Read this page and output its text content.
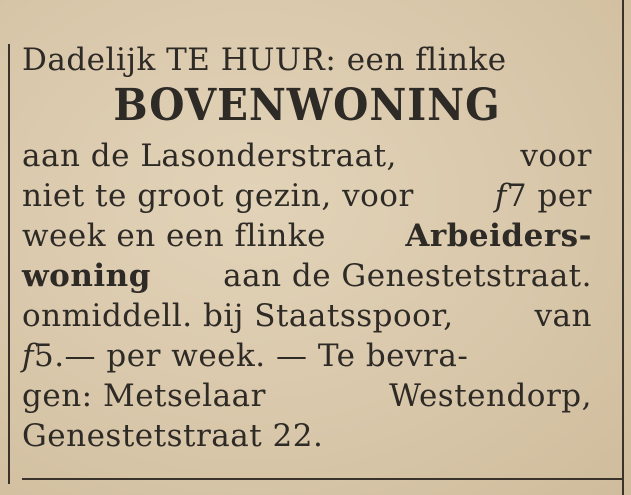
Dadelijk TE HUUR: een flinke
BOVENWONING
aan de Lasonderstraat,	voor
niet te groot gezin, voor	f7 per
week en een flinke	Arbeiders-
woning aan de Genestetstraat.
onmiddell. bij Staatsspoor,	van
f5.— per week. — Te bevra-
gen: Metselaar	Westendorp,
Genestetstraat 22.
